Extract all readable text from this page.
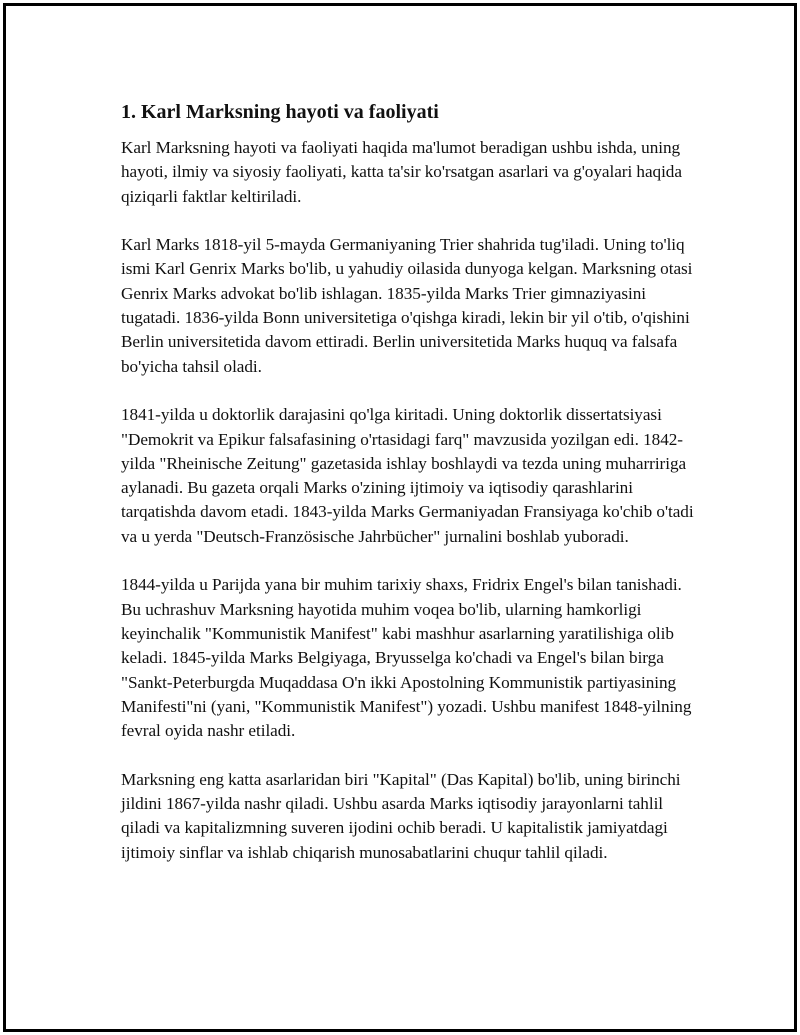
1. Karl Marksning hayoti va faoliyati

Karl Marksning hayoti va faoliyati haqida ma'lumot beradigan ushbu ishda, uning hayoti, ilmiy va siyosiy faoliyati, katta ta'sir ko'rsatgan asarlari va g'oyalari haqida qiziqarli faktlar keltiriladi.

Karl Marks 1818-yil 5-mayda Germaniyaning Trier shahrida tug'iladi. Uning to'liq ismi Karl Genrix Marks bo'lib, u yahudiy oilasida dunyoga kelgan. Marksning otasi Genrix Marks advokat bo'lib ishlagan. 1835-yilda Marks Trier gimnaziyasini tugatadi. 1836-yilda Bonn universitetiga o'qishga kiradi, lekin bir yil o'tib, o'qishini Berlin universitetida davom ettiradi. Berlin universitetida Marks huquq va falsafa bo'yicha tahsil oladi.

1841-yilda u doktorlik darajasini qo'lga kiritadi. Uning doktorlik dissertatsiyasi "Demokrit va Epikur falsafasining o'rtasidagi farq" mavzusida yozilgan edi. 1842-yilda "Rheinische Zeitung" gazetasida ishlay boshlaydi va tezda uning muharririga aylanadi. Bu gazeta orqali Marks o'zining ijtimoiy va iqtisodiy qarashlarini tarqatishda davom etadi. 1843-yilda Marks Germaniyadan Fransiyaga ko'chib o'tadi va u yerda "Deutsch-Französische Jahrbücher" jurnalini boshlab yuboradi.

1844-yilda u Parijda yana bir muhim tarixiy shaxs, Fridrix Engel's bilan tanishadi. Bu uchrashuv Marksning hayotida muhim voqea bo'lib, ularning hamkorligi keyinchalik "Kommunistik Manifest" kabi mashhur asarlarning yaratilishiga olib keladi. 1845-yilda Marks Belgiyaga, Bryusselga ko'chadi va Engel's bilan birga "Sankt-Peterburgda Muqaddasa O'n ikki Apostolning Kommunistik partiyasining Manifesti"ni (yani, "Kommunistik Manifest") yozadi. Ushbu manifest 1848-yilning fevral oyida nashr etiladi.

Marksning eng katta asarlaridan biri "Kapital" (Das Kapital) bo'lib, uning birinchi jildini 1867-yilda nashr qiladi. Ushbu asarda Marks iqtisodiy jarayonlarni tahlil qiladi va kapitalizmning suveren ijodini ochib beradi. U kapitalistik jamiyatdagi ijtimoiy sinflar va ishlab chiqarish munosabatlarini chuqur tahlil qiladi.
